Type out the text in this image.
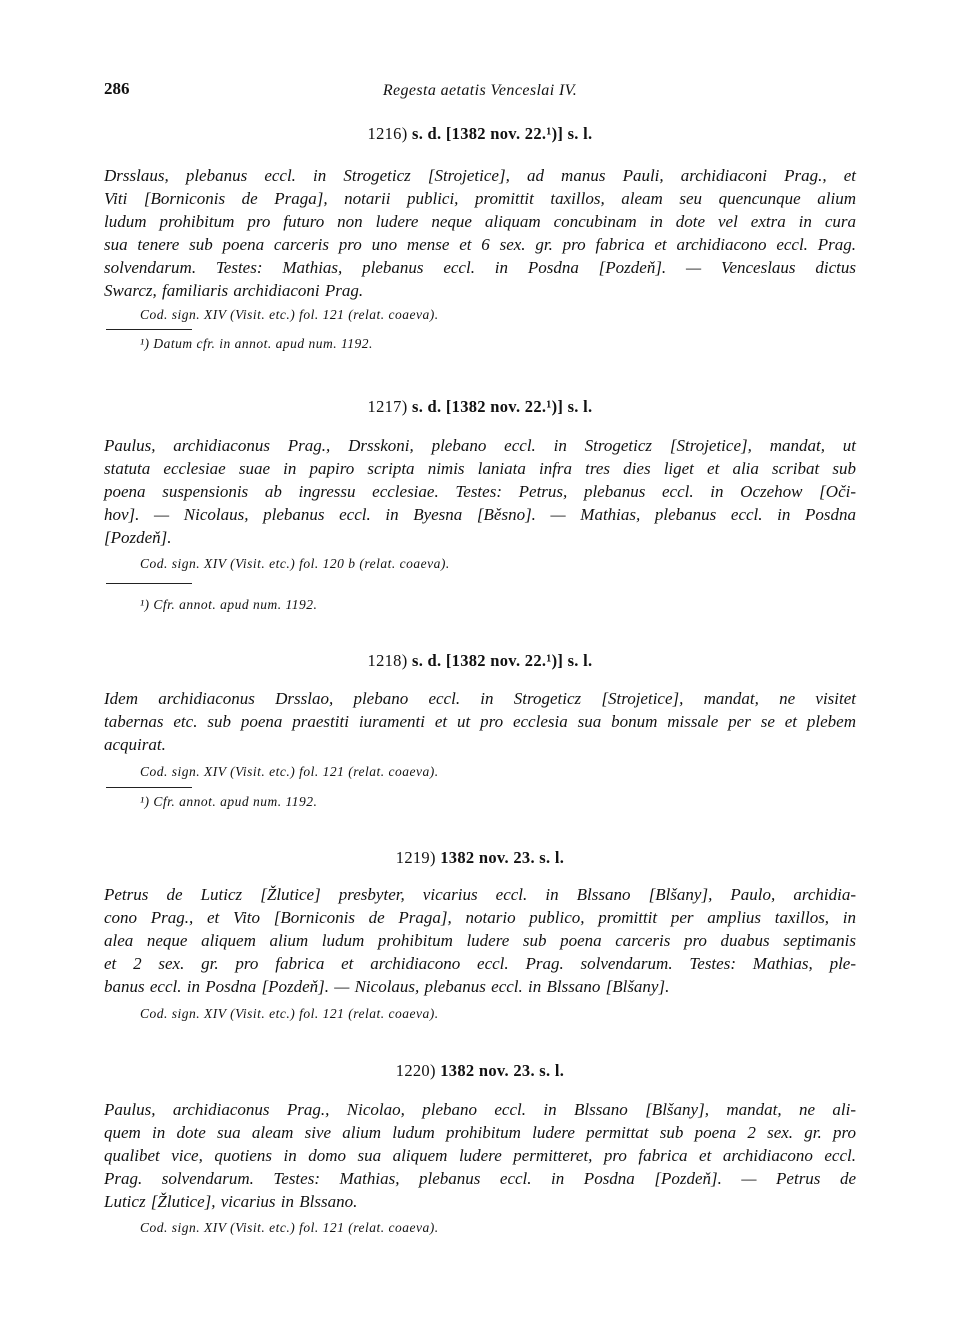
286	Regesta aetatis Venceslai IV.
1216) s. d. [1382 nov. 22.¹)] s. l.
Drsslaus, plebanus eccl. in Strogeticz [Strojetice], ad manus Pauli, archidiaconi Prag., et
Viti [Borniconis de Praga], notarii publici, promittit taxillos, aleam seu quencunque alium
ludum prohibitum pro futuro non ludere neque aliquam concubinam in dote vel extra in cura
sua tenere sub poena carceris pro uno mense et 6 sex. gr. pro fabrica et archidiacono eccl. Prag.
solvendarum. Testes: Mathias, plebanus eccl. in Posdna [Pozdeň]. — Venceslaus dictus
Swarcz, familiaris archidiaconi Prag.
Cod. sign. XIV (Visit. etc.) fol. 121 (relat. coaeva).
¹) Datum cfr. in annot. apud num. 1192.
1217) s. d. [1382 nov. 22.¹)] s. l.
Paulus, archidiaconus Prag., Drsskoni, plebano eccl. in Strogeticz [Strojetice], mandat, ut
statuta ecclesiae suae in papiro scripta nimis laniata infra tres dies liget et alia scribat sub
poena suspensionis ab ingressu ecclesiae. Testes: Petrus, plebanus eccl. in Oczehow [Oči-
hov]. — Nicolaus, plebanus eccl. in Byesna [Běsno]. — Mathias, plebanus eccl. in Posdna
[Pozdeň].
Cod. sign. XIV (Visit. etc.) fol. 120 b (relat. coaeva).
¹) Cfr. annot. apud num. 1192.
1218) s. d. [1382 nov. 22.¹)] s. l.
Idem archidiaconus Drsslao, plebano eccl. in Strogeticz [Strojetice], mandat, ne visitet
tabernas etc. sub poena praestiti iuramenti et ut pro ecclesia sua bonum missale per se et plebem
acquirat.
Cod. sign. XIV (Visit. etc.) fol. 121 (relat. coaeva).
¹) Cfr. annot. apud num. 1192.
1219) 1382 nov. 23. s. l.
Petrus de Luticz [Žlutice] presbyter, vicarius eccl. in Blssano [Blšany], Paulo, archidia-
cono Prag., et Vito [Borniconis de Praga], notario publico, promittit per amplius taxillos, in
alea neque aliquem alium ludum prohibitum ludere sub poena carceris pro duabus septimanis
et 2 sex. gr. pro fabrica et archidiacono eccl. Prag. solvendarum. Testes: Mathias, ple-
banus eccl. in Posdna [Pozdeň]. — Nicolaus, plebanus eccl. in Blssano [Blšany].
Cod. sign. XIV (Visit. etc.) fol. 121 (relat. coaeva).
1220) 1382 nov. 23. s. l.
Paulus, archidiaconus Prag., Nicolao, plebano eccl. in Blssano [Blšany], mandat, ne ali-
quem in dote sua aleam sive alium ludum prohibitum ludere permittat sub poena 2 sex. gr. pro
qualibet vice, quotiens in domo sua aliquem ludere permitteret, pro fabrica et archidiacono eccl.
Prag. solvendarum. Testes: Mathias, plebanus eccl. in Posdna [Pozdeň]. — Petrus de
Luticz [Žlutice], vicarius in Blssano.
Cod. sign. XIV (Visit. etc.) fol. 121 (relat. coaeva).
